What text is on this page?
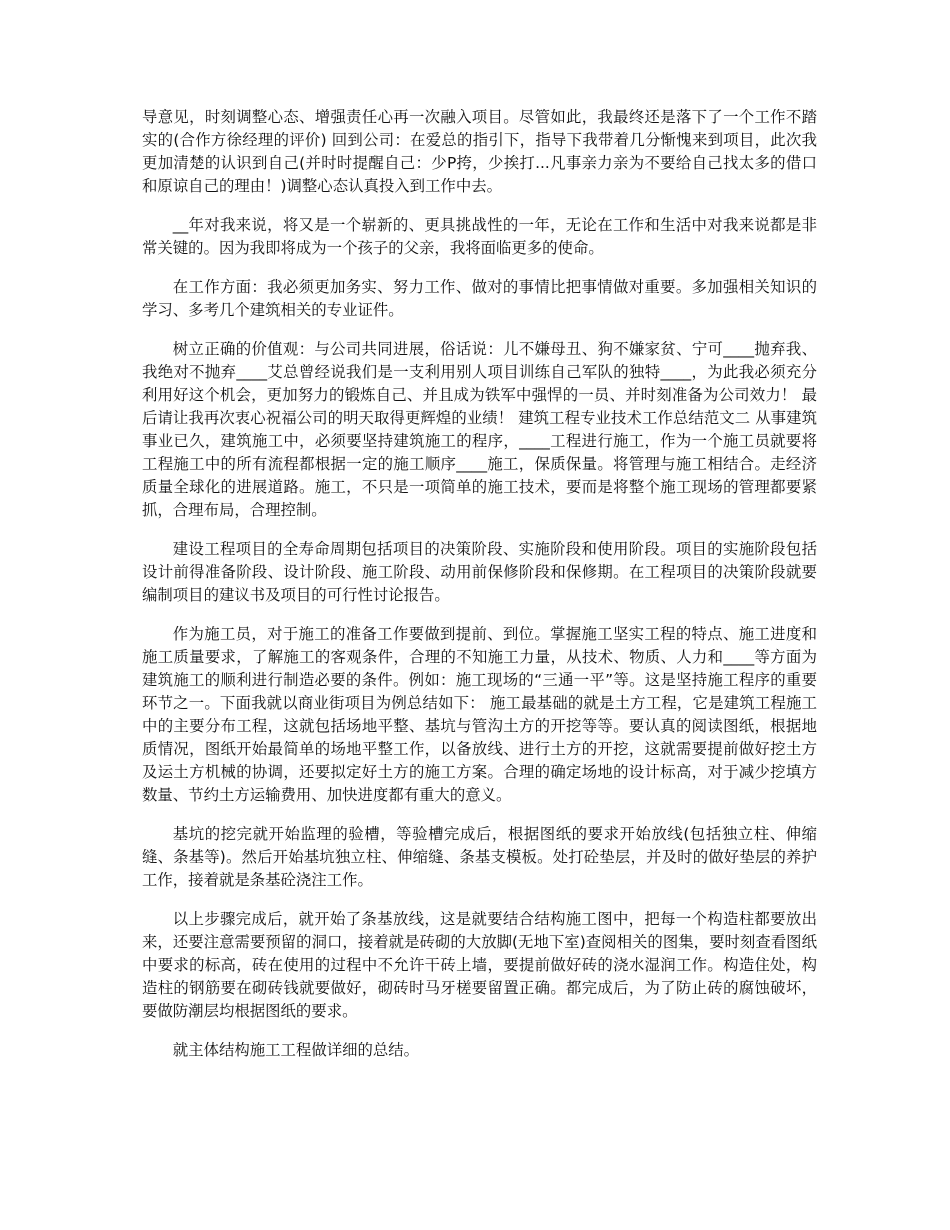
导意见，时刻调整心态、增强责任心再一次融入项目。尽管如此，我最终还是落下了一个工作不踏实的(合作方徐经理的评价) 回到公司：在爱总的指引下，指导下我带着几分惭愧来到项目，此次我更加清楚的认识到自己(并时时提醒自己：少P挎，少挨打...凡事亲力亲为不要给自己找太多的借口和原谅自己的理由！)调整心态认真投入到工作中去。

__年对我来说，将又是一个崭新的、更具挑战性的一年，无论在工作和生活中对我来说都是非常关键的。因为我即将成为一个孩子的父亲，我将面临更多的使命。

在工作方面：我必须更加务实、努力工作、做对的事情比把事情做对重要。多加强相关知识的学习、多考几个建筑相关的专业证件。

树立正确的价值观：与公司共同进展，俗话说：儿不嫌母丑、狗不嫌家贫、宁可____抛弃我、我绝对不抛弃____艾总曾经说我们是一支利用别人项目训练自己军队的独特____，为此我必须充分利用好这个机会，更加努力的锻炼自己、并且成为铁军中强悍的一员、并时刻准备为公司效力！ 最后请让我再次衷心祝福公司的明天取得更辉煌的业绩！ 建筑工程专业技术工作总结范文二 从事建筑事业已久，建筑施工中，必须要坚持建筑施工的程序，____工程进行施工，作为一个施工员就要将工程施工中的所有流程都根据一定的施工顺序____施工，保质保量。将管理与施工相结合。走经济质量全球化的进展道路。施工，不只是一项简单的施工技术，要而是将整个施工现场的管理都要紧抓，合理布局，合理控制。

建设工程项目的全寿命周期包括项目的决策阶段、实施阶段和使用阶段。项目的实施阶段包括设计前得准备阶段、设计阶段、施工阶段、动用前保修阶段和保修期。在工程项目的决策阶段就要编制项目的建议书及项目的可行性讨论报告。

作为施工员，对于施工的准备工作要做到提前、到位。掌握施工坚实工程的特点、施工进度和施工质量要求，了解施工的客观条件，合理的不知施工力量，从技术、物质、人力和____等方面为建筑施工的顺利进行制造必要的条件。例如：施工现场的“三通一平”等。这是坚持施工程序的重要环节之一。下面我就以商业街项目为例总结如下： 施工最基础的就是土方工程，它是建筑工程施工中的主要分布工程，这就包括场地平整、基坑与管沟土方的开挖等等。要认真的阅读图纸，根据地质情况，图纸开始最简单的场地平整工作，以备放线、进行土方的开挖，这就需要提前做好挖土方及运土方机械的协调，还要拟定好土方的施工方案。合理的确定场地的设计标高，对于减少挖填方数量、节约土方运输费用、加快进度都有重大的意义。

基坑的挖完就开始监理的验槽，等验槽完成后，根据图纸的要求开始放线(包括独立柱、伸缩缝、条基等)。然后开始基坑独立柱、伸缩缝、条基支模板。处打砼垫层，并及时的做好垫层的养护工作，接着就是条基砼浇注工作。

以上步骤完成后，就开始了条基放线，这是就要结合结构施工图中，把每一个构造柱都要放出来，还要注意需要预留的洞口，接着就是砖砌的大放脚(无地下室)查阅相关的图集，要时刻查看图纸中要求的标高，砖在使用的过程中不允许干砖上墙，要提前做好砖的浇水湿润工作。构造住处，构造柱的钢筋要在砌砖钱就要做好，砌砖时马牙槎要留置正确。都完成后，为了防止砖的腐蚀破坏，要做防潮层均根据图纸的要求。

就主体结构施工工程做详细的总结。
